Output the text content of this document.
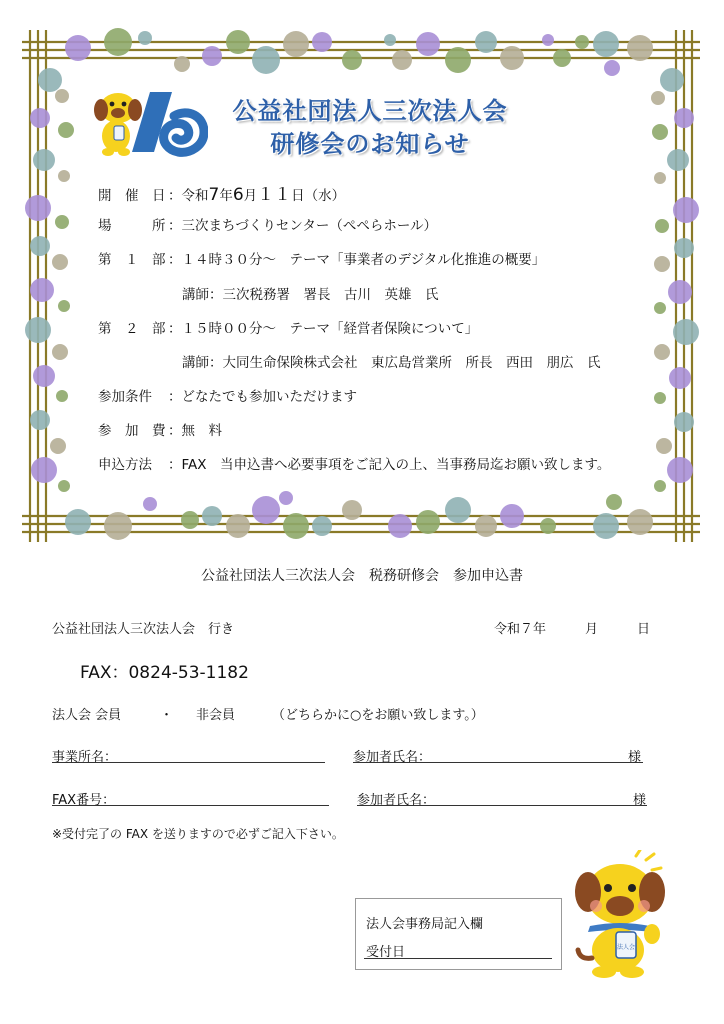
公益社団法人三次法人会
研修会のお知らせ
開　催　日 ：令和7年6月１１日（水）
場　　　所 ：三次まちづくりセンター（ぺペらホール）
第　１　部 ：１４時３０分～　テーマ「事業者のデジタル化推進の概要」
講師：三次税務署　署長　古川　英雄　氏
第　２　部 ：１５時００分～　テーマ「経営者保険について」
講師：大同生命保険株式会社　東広島営業所　所長　西田　朋広　氏
参加条件 ：どなたでも参加いただけます
参　加　費 ：無　料
申込方法 ：FAX　当申込書へ必要事項をご記入の上、当事務局迄お願い致します。
公益社団法人三次法人会　税務研修会　参加申込書
公益社団法人三次法人会　行き	令和７年　　　月　　　日
FAX：0824-53-1182
法人会 会員	・ 非会員	（どちらかに○をお願い致します。）
事業所名：	参加者氏名：	様
FAX番号：	参加者氏名：	様
※受付完了の FAX を送りますので必ずご記入下さい。
法人会事務局記入欄
受付日	法人会
